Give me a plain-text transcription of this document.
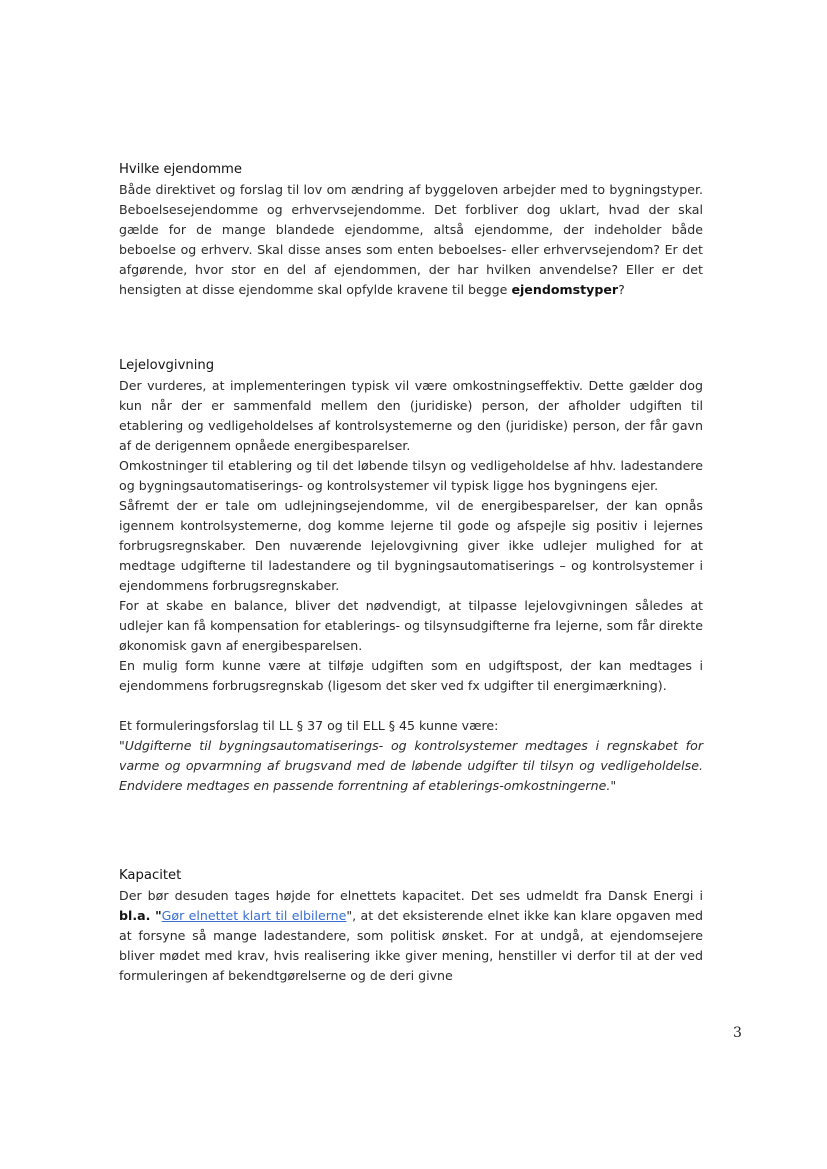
Hvilke ejendomme

Både direktivet og forslag til lov om ændring af byggeloven arbejder med to bygningstyper. Beboelsesejendomme og erhvervsejendomme. Det forbliver dog uklart, hvad der skal gælde for de mange blandede ejendomme, altså ejendomme, der indeholder både beboelse og erhverv. Skal disse anses som enten beboelses- eller erhvervsejendom? Er det afgørende, hvor stor en del af ejendommen, der har hvilken anvendelse? Eller er det hensigten at disse ejendomme skal opfylde kravene til begge ejendomstyper?

Lejelovgivning

Der vurderes, at implementeringen typisk vil være omkostningseffektiv. Dette gælder dog kun når der er sammenfald mellem den (juridiske) person, der afholder udgiften til etablering og vedligeholdelses af kontrolsystemerne og den (juridiske) person, der får gavn af de derigennem opnåede energibesparelser.

Omkostninger til etablering og til det løbende tilsyn og vedligeholdelse af hhv. ladestandere og bygningsautomatiserings- og kontrolsystemer vil typisk ligge hos bygningens ejer.

Såfremt der er tale om udlejningsejendomme, vil de energibesparelser, der kan opnås igennem kontrolsystemerne, dog komme lejerne til gode og afspejle sig positiv i lejernes forbrugsregnskaber. Den nuværende lejelovgivning giver ikke udlejer mulighed for at medtage udgifterne til ladestandere og til bygningsautomatiserings – og kontrolsystemer i ejendommens forbrugsregnskaber.

For at skabe en balance, bliver det nødvendigt, at tilpasse lejelovgivningen således at udlejer kan få kompensation for etablerings- og tilsynsudgifterne fra lejerne, som får direkte økonomisk gavn af energibesparelsen.

En mulig form kunne være at tilføje udgiften som en udgiftspost, der kan medtages i ejendommens forbrugsregnskab (ligesom det sker ved fx udgifter til energimærkning).

Et formuleringsforslag til LL § 37 og til ELL § 45 kunne være:

"Udgifterne til bygningsautomatiserings- og kontrolsystemer medtages i regnskabet for varme og opvarmning af brugsvand med de løbende udgifter til tilsyn og vedligeholdelse. Endvidere medtages en passende forrentning af etablerings-omkostningerne."

Kapacitet

Der bør desuden tages højde for elnettets kapacitet. Det ses udmeldt fra Dansk Energi i bl.a. "Gør elnettet klart til elbilerne", at det eksisterende elnet ikke kan klare opgaven med at forsyne så mange ladestandere, som politisk ønsket. For at undgå, at ejendomsejere bliver mødet med krav, hvis realisering ikke giver mening, henstiller vi derfor til at der ved formuleringen af bekendtgørelserne og de deri givne

3
